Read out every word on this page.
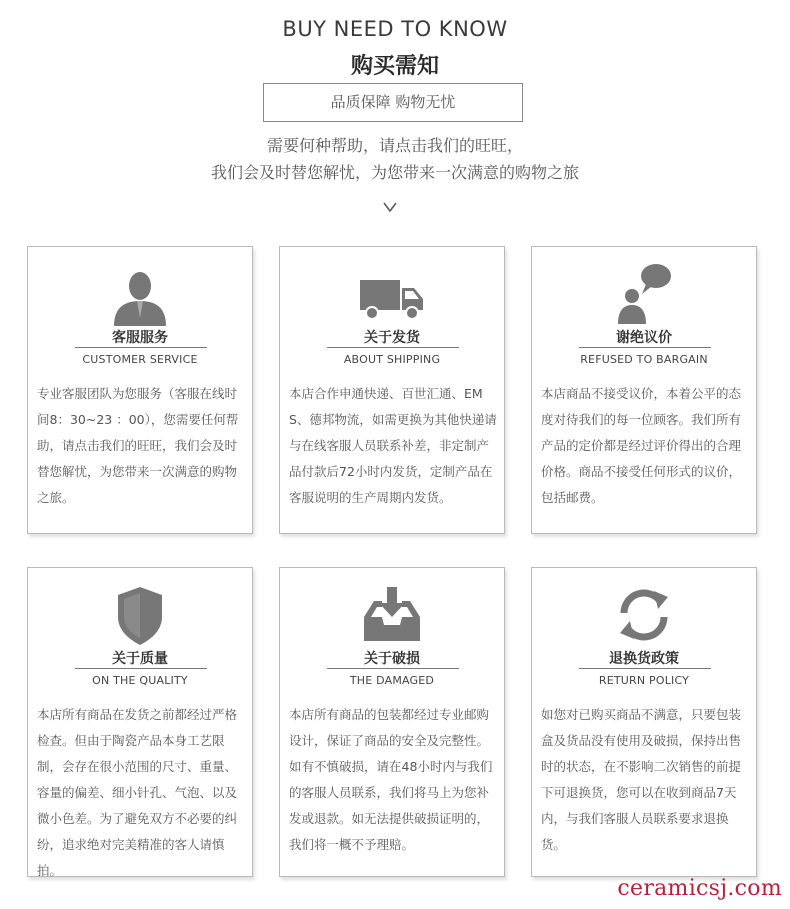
BUY NEED TO KNOW
购买需知
品质保障 购物无忧
需要何种帮助，请点击我们的旺旺，
我们会及时替您解忧，为您带来一次满意的购物之旅
客服服务
CUSTOMER SERVICE
专业客服团队为您服务（客服在线时间8：30~23 ：00），您需要任何帮助，请点击我们的旺旺，我们会及时替您解忧，为您带来一次满意的购物之旅。
关于发货
ABOUT SHIPPING
本店合作申通快递、百世汇通、EMS、德邦物流，如需更换为其他快递请与在线客服人员联系补差，非定制产品付款后72小时内发货，定制产品在客服说明的生产周期内发货。
谢绝议价
REFUSED TO BARGAIN
本店商品不接受议价，本着公平的态度对待我们的每一位顾客。我们所有产品的定价都是经过评价得出的合理价格。商品不接受任何形式的议价，包括邮费。
关于质量
ON THE QUALITY
本店所有商品在发货之前都经过严格检查。但由于陶瓷产品本身工艺限制，会存在很小范围的尺寸、重量、容量的偏差、细小针孔、气泡、以及微小色差。为了避免双方不必要的纠纷，追求绝对完美精准的客人请慎拍。
关于破损
THE DAMAGED
本店所有商品的包装都经过专业邮购设计，保证了商品的安全及完整性。如有不慎破损，请在48小时内与我们的客服人员联系，我们将马上为您补发或退款。如无法提供破损证明的，我们将一概不予理赔。
退换货政策
RETURN POLICY
如您对已购买商品不满意，只要包装盒及货品没有使用及破损，保持出售时的状态，在不影响二次销售的前提下可退换货，您可以在收到商品7天内，与我们客服人员联系要求退换货。
ceramicsj.com
